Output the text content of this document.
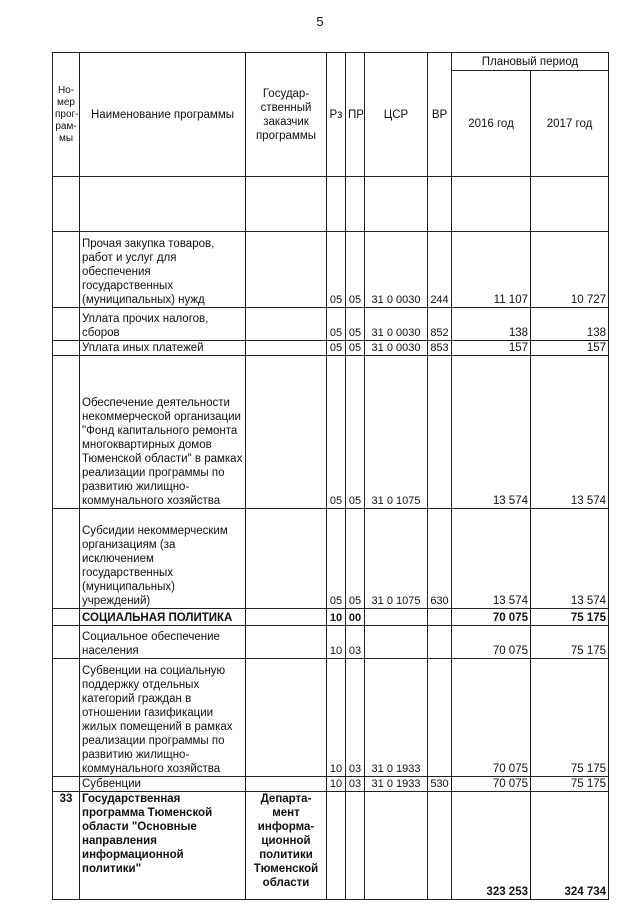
5
Но-
мер
прог-
рам-
мы	Наименование программы	Государ-
ственный
заказчик
программы	Рз	ПР	ЦСР	ВР	Плановый период	
							2016 год	2017 год

	Прочая закупка товаров, работ и услуг для обеспечения государственных (муниципальных) нужд		05	05	31 0 0030	244	11 107	10 727
	Уплата прочих налогов, сборов		05	05	31 0 0030	852	138	138
	Уплата иных платежей		05	05	31 0 0030	853	157	157
	Обеспечение деятельности некоммерческой организации "Фонд капитального ремонта многоквартирных домов Тюменской области" в рамках реализации программы по развитию жилищно-коммунального хозяйства		05	05	31 0 1075		13 574	13 574
	Субсидии некоммерческим организациям (за исключением государственных (муниципальных) учреждений)		05	05	31 0 1075	630	13 574	13 574
	СОЦИАЛЬНАЯ ПОЛИТИКА		10	00			70 075	75 175
	Социальное обеспечение населения		10	03			70 075	75 175
	Субвенции на социальную поддержку отдельных категорий граждан в отношении газификации жилых помещений в рамках реализации программы по развитию жилищно-коммунального хозяйства		10	03	31 0 1933		70 075	75 175
	Субвенции		10	03	31 0 1933	530	70 075	75 175
33	Государственная программа Тюменской области "Основные направления информационной политики"	Департа-мент информа-ционной политики Тюменской области					323 253	324 734
